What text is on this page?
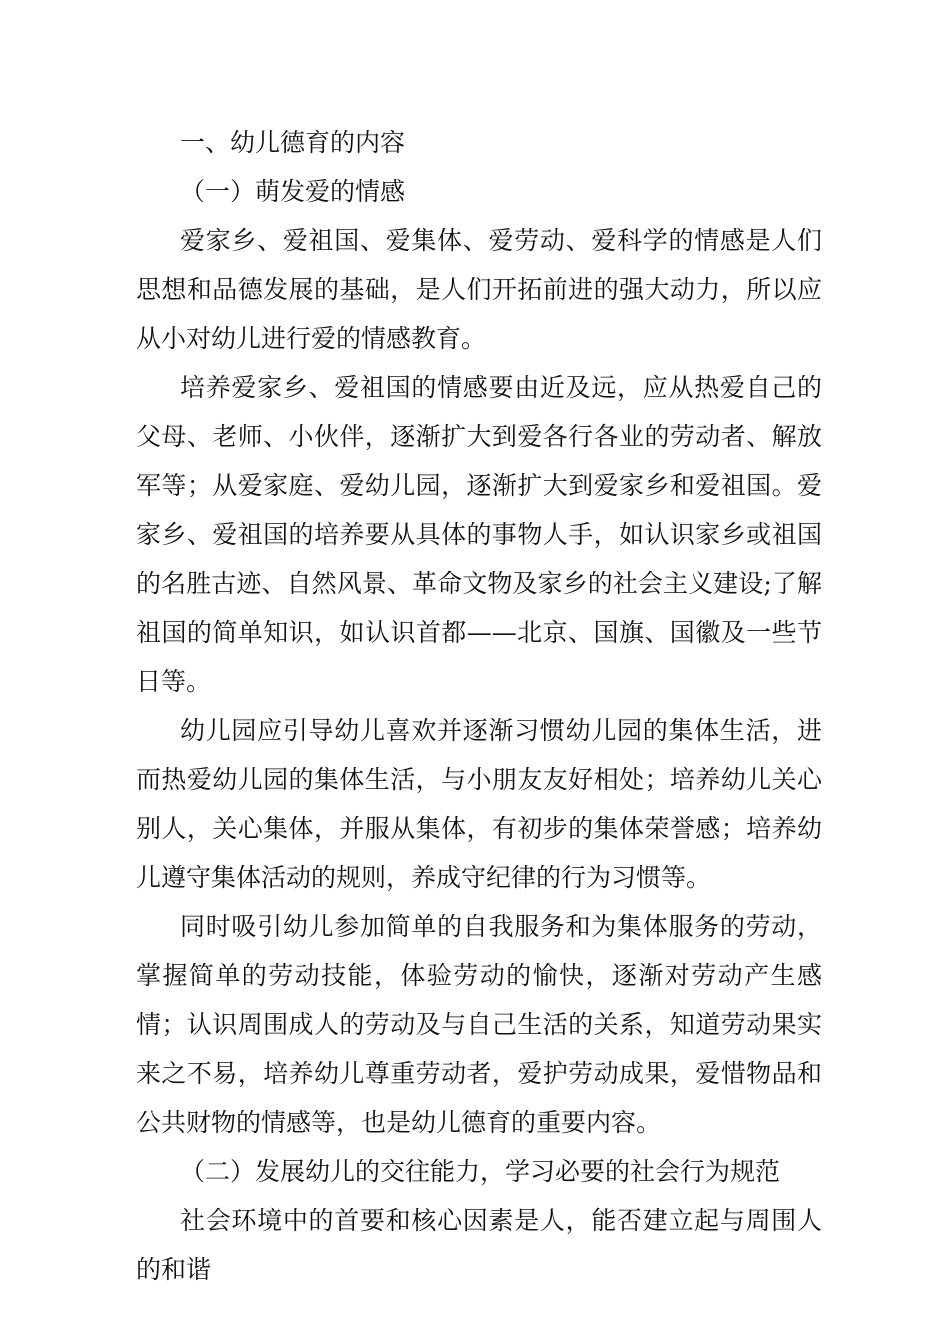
一、幼儿德育的内容
（一）萌发爱的情感

爱家乡、爱祖国、爱集体、爱劳动、爱科学的情感是人们思想和品德发展的基础，是人们开拓前进的强大动力，所以应从小对幼儿进行爱的情感教育。

培养爱家乡、爱祖国的情感要由近及远，应从热爱自己的父母、老师、小伙伴，逐渐扩大到爱各行各业的劳动者、解放军等；从爱家庭、爱幼儿园，逐渐扩大到爱家乡和爱祖国。爱家乡、爱祖国的培养要从具体的事物人手，如认识家乡或祖国的名胜古迹、自然风景、革命文物及家乡的社会主义建设;了解祖国的简单知识，如认识首都——北京、国旗、国徽及一些节日等。

幼儿园应引导幼儿喜欢并逐渐习惯幼儿园的集体生活，进而热爱幼儿园的集体生活，与小朋友友好相处；培养幼儿关心别人，关心集体，并服从集体，有初步的集体荣誉感；培养幼儿遵守集体活动的规则，养成守纪律的行为习惯等。

同时吸引幼儿参加简单的自我服务和为集体服务的劳动，掌握简单的劳动技能，体验劳动的愉快，逐渐对劳动产生感情；认识周围成人的劳动及与自己生活的关系，知道劳动果实来之不易，培养幼儿尊重劳动者，爱护劳动成果，爱惜物品和公共财物的情感等，也是幼儿德育的重要内容。

（二）发展幼儿的交往能力，学习必要的社会行为规范

社会环境中的首要和核心因素是人，能否建立起与周围人的和谐
